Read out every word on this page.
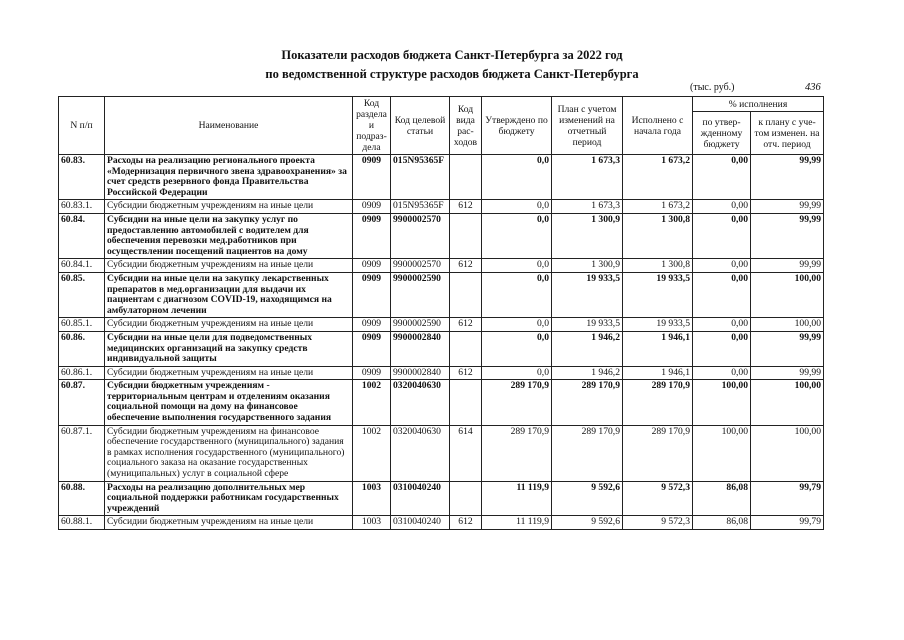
Показатели расходов бюджета Санкт-Петербурга за 2022 год
по ведомственной структуре расходов бюджета Санкт-Петербурга
(тыс. руб.)	436
N п/п	Наименование	Код раздела и подраз-дела	Код целевой статьи	Код вида рас-ходов	Утверждено по бюджету	План с учетом изменений на отчетный период	Исполнено с начала года	% исполнения	
								по утвер-жденному бюджету	к плану с уче-том изменен. на отч. период
60.83.	Расходы на реализацию регионального проекта «Модернизация первичного звена здравоохранения» за счет средств резервного фонда Правительства Российской Федерации	0909	015N95365F		0,0	1 673,3	1 673,2	0,00	99,99
60.83.1.	Субсидии бюджетным учреждениям на иные цели	0909	015N95365F	612	0,0	1 673,3	1 673,2	0,00	99,99
60.84.	Субсидии на иные цели на закупку услуг по предоставлению автомобилей с водителем для обеспечения перевозки мед.работников при осуществлении посещений пациентов на дому	0909	9900002570		0,0	1 300,9	1 300,8	0,00	99,99
60.84.1.	Субсидии бюджетным учреждениям на иные цели	0909	9900002570	612	0,0	1 300,9	1 300,8	0,00	99,99
60.85.	Субсидии на иные цели на закупку лекарственных препаратов в мед.организации для выдачи их пациентам с диагнозом COVID-19, находящимся на амбулаторном лечении	0909	9900002590		0,0	19 933,5	19 933,5	0,00	100,00
60.85.1.	Субсидии бюджетным учреждениям на иные цели	0909	9900002590	612	0,0	19 933,5	19 933,5	0,00	100,00
60.86.	Субсидии на иные цели для подведомственных медицинских организаций на закупку средств индивидуальной защиты	0909	9900002840		0,0	1 946,2	1 946,1	0,00	99,99
60.86.1.	Субсидии бюджетным учреждениям на иные цели	0909	9900002840	612	0,0	1 946,2	1 946,1	0,00	99,99
60.87.	Субсидии бюджетным учреждениям - территориальным центрам и отделениям оказания социальной помощи на дому на финансовое обеспечение выполнения государственного задания	1002	0320040630		289 170,9	289 170,9	289 170,9	100,00	100,00
60.87.1.	Субсидии бюджетным учреждениям на финансовое обеспечение государственного (муниципального) задания в рамках исполнения государственного (муниципального) социального заказа на оказание государственных (муниципальных) услуг в социальной сфере	1002	0320040630	614	289 170,9	289 170,9	289 170,9	100,00	100,00
60.88.	Расходы на реализацию дополнительных мер социальной поддержки работникам государственных учреждений	1003	0310040240		11 119,9	9 592,6	9 572,3	86,08	99,79
60.88.1.	Субсидии бюджетным учреждениям на иные цели	1003	0310040240	612	11 119,9	9 592,6	9 572,3	86,08	99,79
